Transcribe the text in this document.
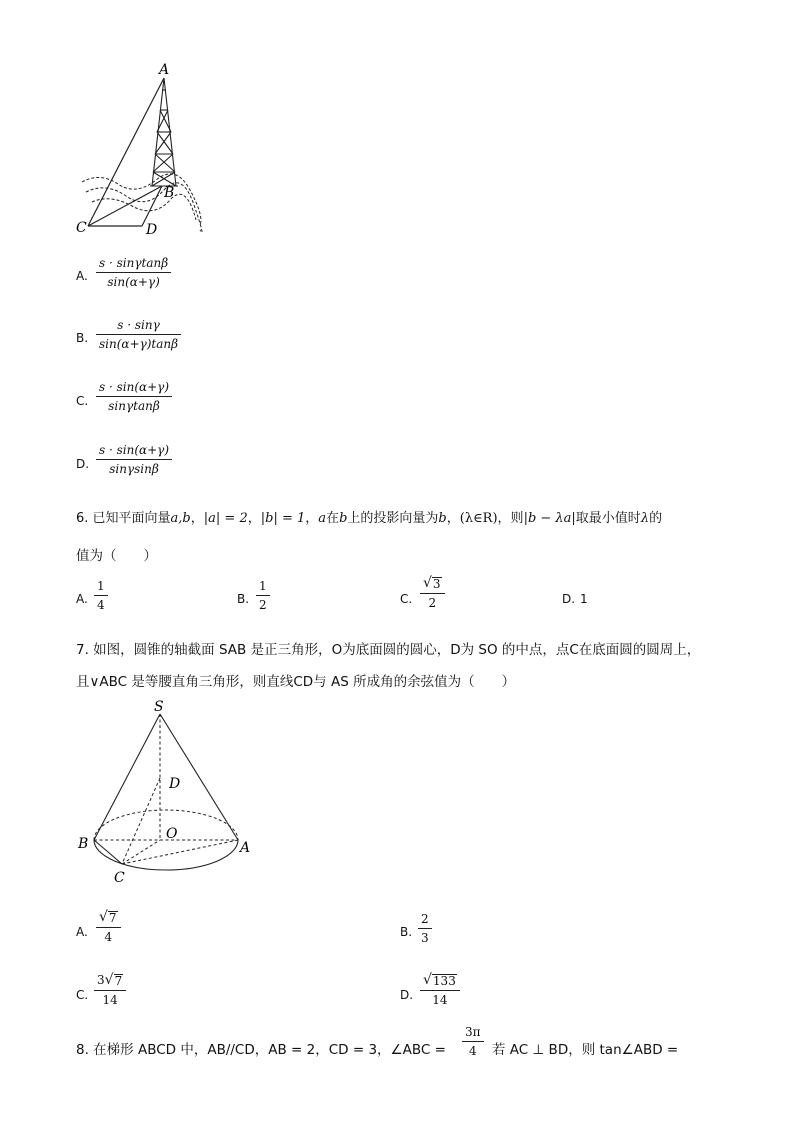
A
B
C	D
A.
s · sinγtanβ
sin(α+γ)
B.
s · sinγ
sin(α+γ)tanβ
C.
s · sin(α+γ)
sinγtanβ
D.
s · sin(α+γ)
sinγsinβ
6. 已知平面向量a,b，|a| = 2，|b| = 1，a在b上的投影向量为b，(λ∈R)，则|b − λa|取最小值时λ的
值为（　　）
A.
1
4	B.
1
2	C.
√ 3
2	D. 1
7. 如图，圆锥的轴截面 SAB 是正三角形，O为底面圆的圆心，D为 SO 的中点，点C在底面圆的圆周上，
且∨ABC 是等腰直角三角形，则直线CD与 AS 所成角的余弦值为（　　）
S
D
O
B	A
C
A.
√ 7
4	B.
2
3
C.
3 √ 7
14	D.
√ 133
14
8. 在梯形 ABCD 中，AB//CD，AB = 2，CD = 3，∠ABC =
3π
4 若 AC ⊥ BD，则 tan∠ABD =
